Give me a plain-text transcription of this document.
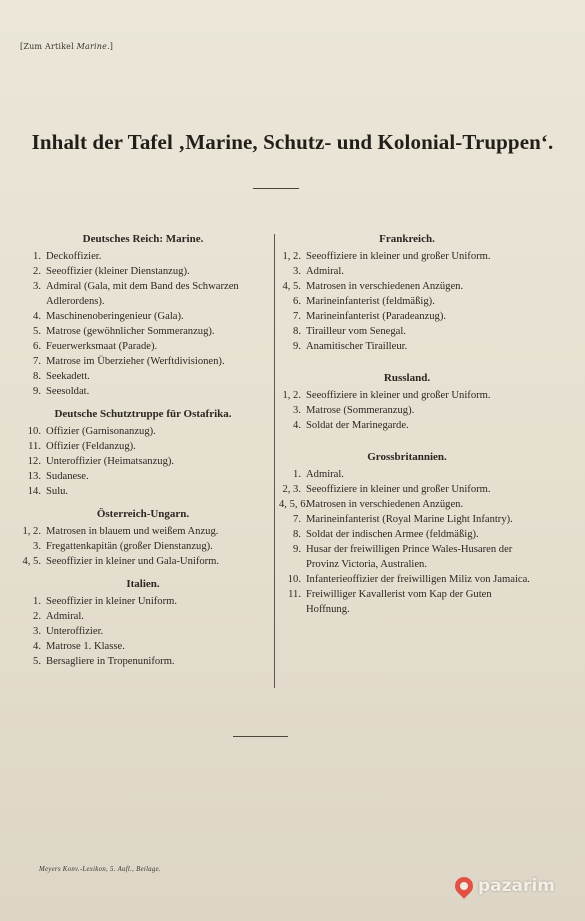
[Zum Artikel Marine.]
Inhalt der Tafel ‚Marine, Schutz- und Kolonial-Truppen‘.
Deutsches Reich: Marine.
1. Deckoffizier.
2. Seeoffizier (kleiner Dienstanzug).
3. Admiral (Gala, mit dem Band des Schwarzen Adlerordens).
4. Maschinenoberingenieur (Gala).
5. Matrose (gewöhnlicher Sommeranzug).
6. Feuerwerksmaat (Parade).
7. Matrose im Überzieher (Werftdivisionen).
8. Seekadett.
9. Seesoldat.
Deutsche Schutztruppe für Ostafrika.
10. Offizier (Garnisonanzug).
11. Offizier (Feldanzug).
12. Unteroffizier (Heimatsanzug).
13. Sudanese.
14. Sulu.
Österreich-Ungarn.
1, 2. Matrosen in blauem und weißem Anzug.
3. Fregattenkapitän (großer Dienstanzug).
4, 5. Seeoffizier in kleiner und Gala-Uniform.
Italien.
1. Seeoffizier in kleiner Uniform.
2. Admiral.
3. Unteroffizier.
4. Matrose 1. Klasse.
5. Bersagliere in Tropenuniform.
Frankreich.
1, 2. Seeoffiziere in kleiner und großer Uniform.
3. Admiral.
4, 5. Matrosen in verschiedenen Anzügen.
6. Marineinfanterist (feldmäßig).
7. Marineinfanterist (Paradeanzug).
8. Tirailleur vom Senegal.
9. Anamitischer Tirailleur.
Russland.
1, 2. Seeoffiziere in kleiner und großer Uniform.
3. Matrose (Sommeranzug).
4. Soldat der Marinegarde.
Grossbritannien.
1. Admiral.
2, 3. Seeoffiziere in kleiner und großer Uniform.
4, 5, 6.
Matrosen in verschiedenen Anzügen.
7. Marineinfanterist (Royal Marine Light Infantry).
8. Soldat der indischen Armee (feldmäßig).
9. Husar der freiwilligen Prince Wales-Husaren der Provinz Victoria, Australien.
10. Infanterieoffizier der freiwilligen Miliz von Jamaica.
11. Freiwilliger Kavallerist vom Kap der Guten Hoffnung.
Meyers Konv.-Lexikon, 5. Aufl., Beilage.
pazarim
